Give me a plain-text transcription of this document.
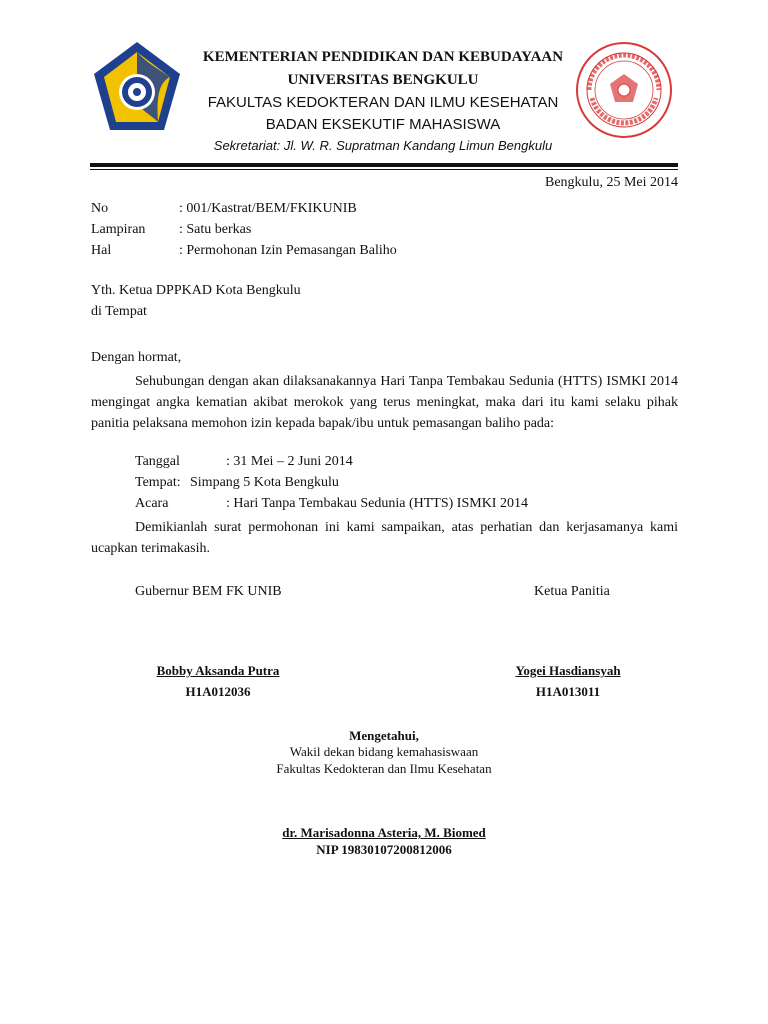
KEMENTERIAN PENDIDIKAN DAN KEBUDAYAAN
UNIVERSITAS BENGKULU
FAKULTAS KEDOKTERAN DAN ILMU KESEHATAN
BADAN EKSEKUTIF MAHASISWA
Sekretariat: Jl. W. R. Supratman Kandang Limun Bengkulu
Bengkulu, 25 Mei 2014
No	: 001/Kastrat/BEM/FKIKUNIB
Lampiran : Satu berkas
Hal	: Permohonan Izin Pemasangan Baliho
Yth. Ketua DPPKAD Kota Bengkulu
di Tempat
Dengan hormat,
Sehubungan dengan akan dilaksanakannya Hari Tanpa Tembakau Sedunia (HTTS) ISMKI 2014 mengingat angka kematian akibat merokok yang terus meningkat, maka dari itu kami selaku pihak panitia pelaksana memohon izin kepada bapak/ibu untuk pemasangan baliho pada:
Tanggal	: 31 Mei – 2 Juni 2014
Tempat: Simpang 5 Kota Bengkulu
Acara	: Hari Tanpa Tembakau Sedunia (HTTS) ISMKI 2014
Demikianlah surat permohonan ini kami sampaikan, atas perhatian dan kerjasamanya kami ucapkan terimakasih.
Gubernur BEM FK UNIB	Ketua Panitia
Bobby Aksanda Putra
H1A012036
Yogei Hasdiansyah
H1A013011
Mengetahui,
Wakil dekan bidang kemahasiswaan
Fakultas Kedokteran dan Ilmu Kesehatan
dr. Marisadonna Asteria, M. Biomed
NIP 19830107200812006
